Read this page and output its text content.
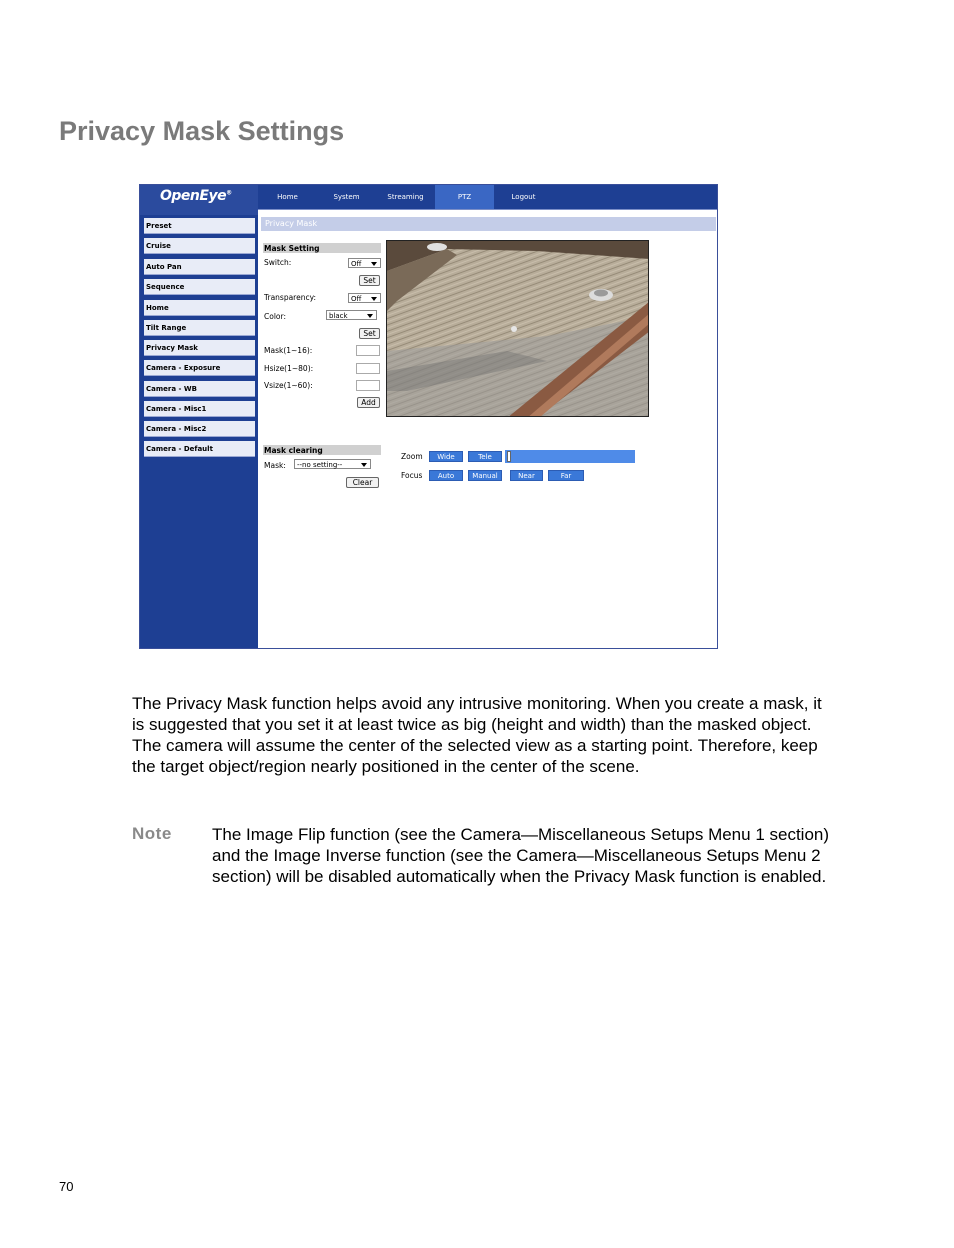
Privacy Mask Settings
OpenEye®
Home	System	Streaming	PTZ	Logout
Preset
Cruise
Auto Pan
Sequence
Home
Tilt Range
Privacy Mask
Camera - Exposure
Camera - WB
Camera - Misc1
Camera - Misc2
Camera - Default
Privacy Mask
Mask Setting
Switch:	Off
Set
Transparency:	Off
Color:	black
Set
Mask(1~16):
Hsize(1~80):
Vsize(1~60):
Add
Mask clearing
Mask:	--no setting--
Clear
Zoom	Wide	Tele
Focus	Auto	Manual	Near	Far

The Privacy Mask function helps avoid any intrusive monitoring. When you create a mask, it is suggested that you set it at least twice as big (height and width) than the masked object. The camera will assume the center of the selected view as a starting point. Therefore, keep the target object/region nearly positioned in the center of the scene.

Note The Image Flip function (see the Camera—Miscellaneous Setups Menu 1 section) and the Image Inverse function (see the Camera—Miscellaneous Setups Menu 2 section) will be disabled automatically when the Privacy Mask function is enabled.

70
